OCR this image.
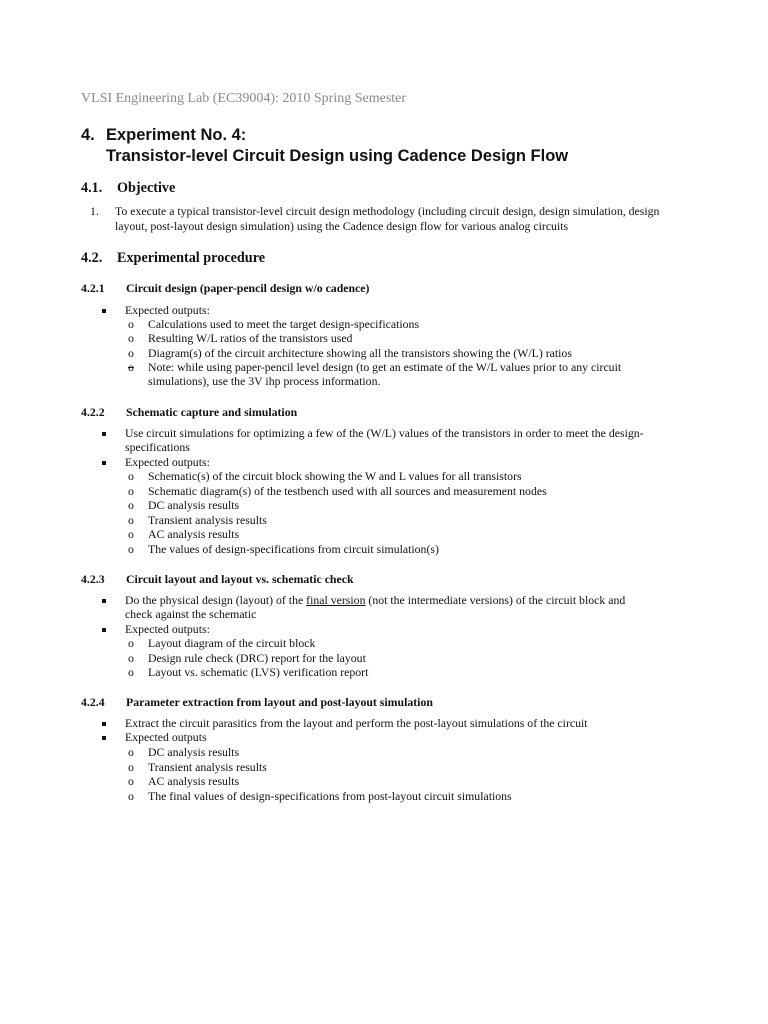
VLSI Engineering Lab (EC39004): 2010 Spring Semester
4. Experiment No. 4:
Transistor-level Circuit Design using Cadence Design Flow
4.1. Objective
1. To execute a typical transistor-level circuit design methodology (including circuit design, design simulation, design layout, post-layout design simulation) using the Cadence design flow for various analog circuits
4.2. Experimental procedure
4.2.1 Circuit design (paper-pencil design w/o cadence)
Expected outputs:
o Calculations used to meet the target design-specifications
o Resulting W/L ratios of the transistors used
o Diagram(s) of the circuit architecture showing all the transistors showing the (W/L) ratios
o Note: while using paper-pencil level design (to get an estimate of the W/L values prior to any circuit
simulations), use the 3V ihp process information.
4.2.2 Schematic capture and simulation
Use circuit simulations for optimizing a few of the (W/L) values of the transistors in order to meet the design-
specifications
Expected outputs:
o Schematic(s) of the circuit block showing the W and L values for all transistors
o Schematic diagram(s) of the testbench used with all sources and measurement nodes
o DC analysis results
o Transient analysis results
o AC analysis results
o The values of design-specifications from circuit simulation(s)
4.2.3 Circuit layout and layout vs. schematic check
Do the physical design (layout) of the final version (not the intermediate versions) of the circuit block and
check against the schematic
Expected outputs:
o Layout diagram of the circuit block
o Design rule check (DRC) report for the layout
o Layout vs. schematic (LVS) verification report
4.2.4 Parameter extraction from layout and post-layout simulation
Extract the circuit parasitics from the layout and perform the post-layout simulations of the circuit
Expected outputs
o DC analysis results
o Transient analysis results
o AC analysis results
o The final values of design-specifications from post-layout circuit simulations
